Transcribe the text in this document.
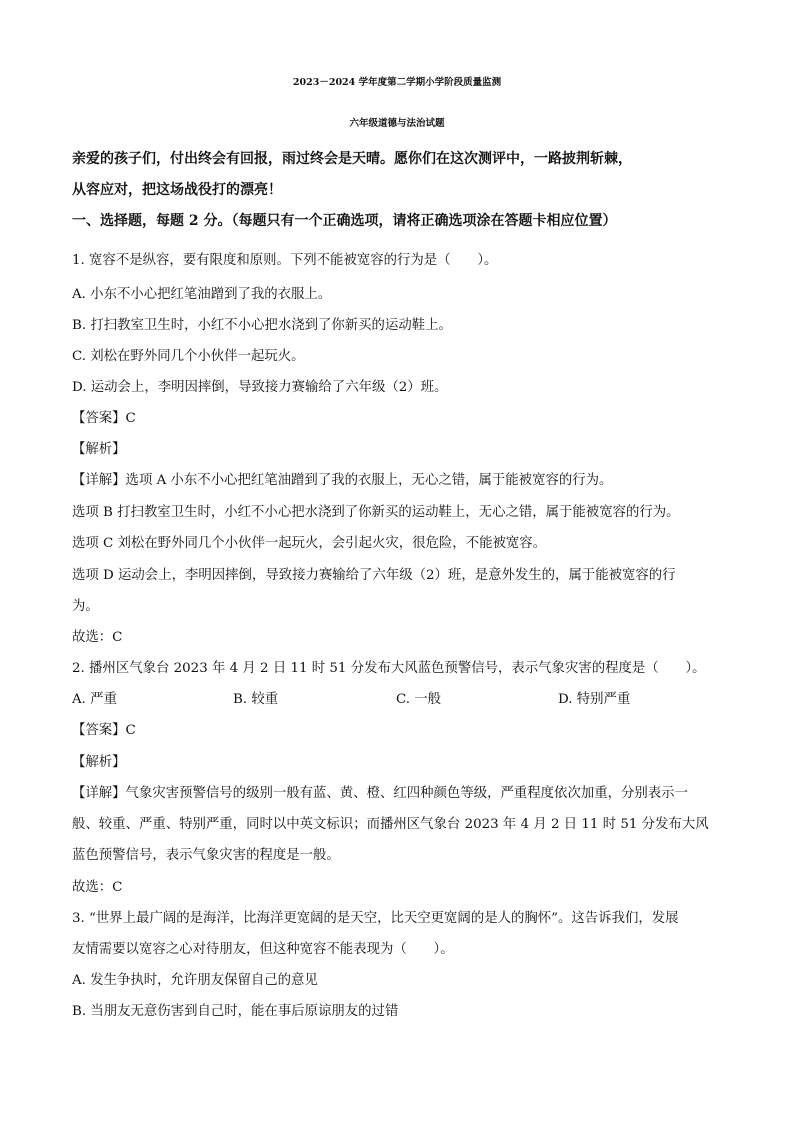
2023－2024 学年度第二学期小学阶段质量监测
六年级道德与法治试题
亲爱的孩子们，付出终会有回报，雨过终会是天晴。愿你们在这次测评中，一路披荆斩棘，
从容应对，把这场战役打的漂亮！
一、选择题，每题 2 分。（每题只有一个正确选项，请将正确选项涂在答题卡相应位置）
1. 宽容不是纵容，要有限度和原则。下列不能被宽容的行为是（　　）。
A. 小东不小心把红笔油蹭到了我的衣服上。
B. 打扫教室卫生时，小红不小心把水浇到了你新买的运动鞋上。
C. 刘松在野外同几个小伙伴一起玩火。
D. 运动会上，李明因摔倒，导致接力赛输给了六年级（2）班。
【答案】C
【解析】
【详解】选项 A 小东不小心把红笔油蹭到了我的衣服上，无心之错，属于能被宽容的行为。
选项 B 打扫教室卫生时，小红不小心把水浇到了你新买的运动鞋上，无心之错，属于能被宽容的行为。
选项 C 刘松在野外同几个小伙伴一起玩火，会引起火灾，很危险，不能被宽容。
选项 D 运动会上，李明因摔倒，导致接力赛输给了六年级（2）班，是意外发生的，属于能被宽容的行
为。
故选：C
2. 播州区气象台 2023 年 4 月 2 日 11 时 51 分发布大风蓝色预警信号，表示气象灾害的程度是（　　）。
A. 严重	B. 较重	C. 一般	D. 特别严重
【答案】C
【解析】
【详解】气象灾害预警信号的级别一般有蓝、黄、橙、红四种颜色等级，严重程度依次加重，分别表示一
般、较重、严重、特别严重，同时以中英文标识；而播州区气象台 2023 年 4 月 2 日 11 时 51 分发布大风
蓝色预警信号，表示气象灾害的程度是一般。
故选：C
3. “世界上最广阔的是海洋，比海洋更宽阔的是天空，比天空更宽阔的是人的胸怀”。这告诉我们，发展
友情需要以宽容之心对待朋友，但这种宽容不能表现为（　　）。
A. 发生争执时，允许朋友保留自己的意见
B. 当朋友无意伤害到自己时，能在事后原谅朋友的过错
